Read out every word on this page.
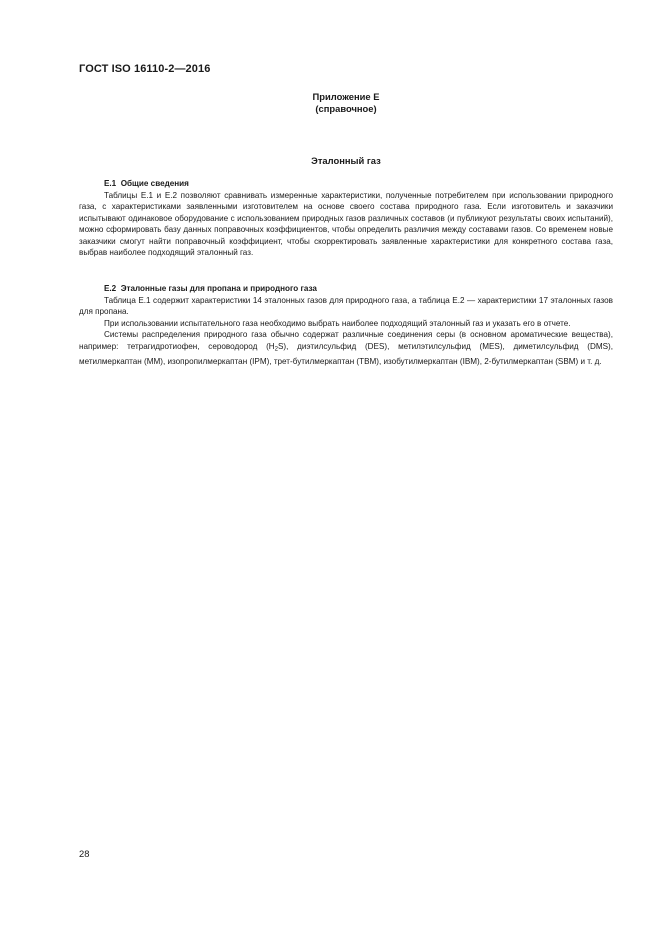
ГОСТ ISO 16110-2—2016
Приложение Е
(справочное)
Эталонный газ
Е.1  Общие сведения

Таблицы Е.1 и Е.2 позволяют сравнивать измеренные характеристики, полученные потребителем при использовании природного газа, с характеристиками заявленными изготовителем на основе своего состава природного газа. Если изготовитель и заказчики испытывают одинаковое оборудование с использованием природных газов различных составов (и публикуют результаты своих испытаний), можно сформировать базу данных поправочных коэффициентов, чтобы определить различия между составами газов. Со временем новые заказчики смогут найти поправочный коэффициент, чтобы скорректировать заявленные характеристики для конкретного состава газа, выбрав наиболее подходящий эталонный газ.

Е.2  Эталонные газы для пропана и природного газа

Таблица Е.1 содержит характеристики 14 эталонных газов для природного газа, а таблица Е.2 — характеристики 17 эталонных газов для пропана.

При использовании испытательного газа необходимо выбрать наиболее подходящий эталонный газ и указать его в отчете.

Системы распределения природного газа обычно содержат различные соединения серы (в основном ароматические вещества), например: тетрагидротиофен, сероводород $(H_2S)$, диэтилсульфид (DES), метилэтилсульфид (MES), диметилсульфид (DMS), метилмеркаптан (MM), изопропилмеркаптан (IPM), трет-бутилмеркаптан (TBM), изобутилмеркаптан (IBM), 2-бутилмеркаптан (SBM) и т. д.

28
